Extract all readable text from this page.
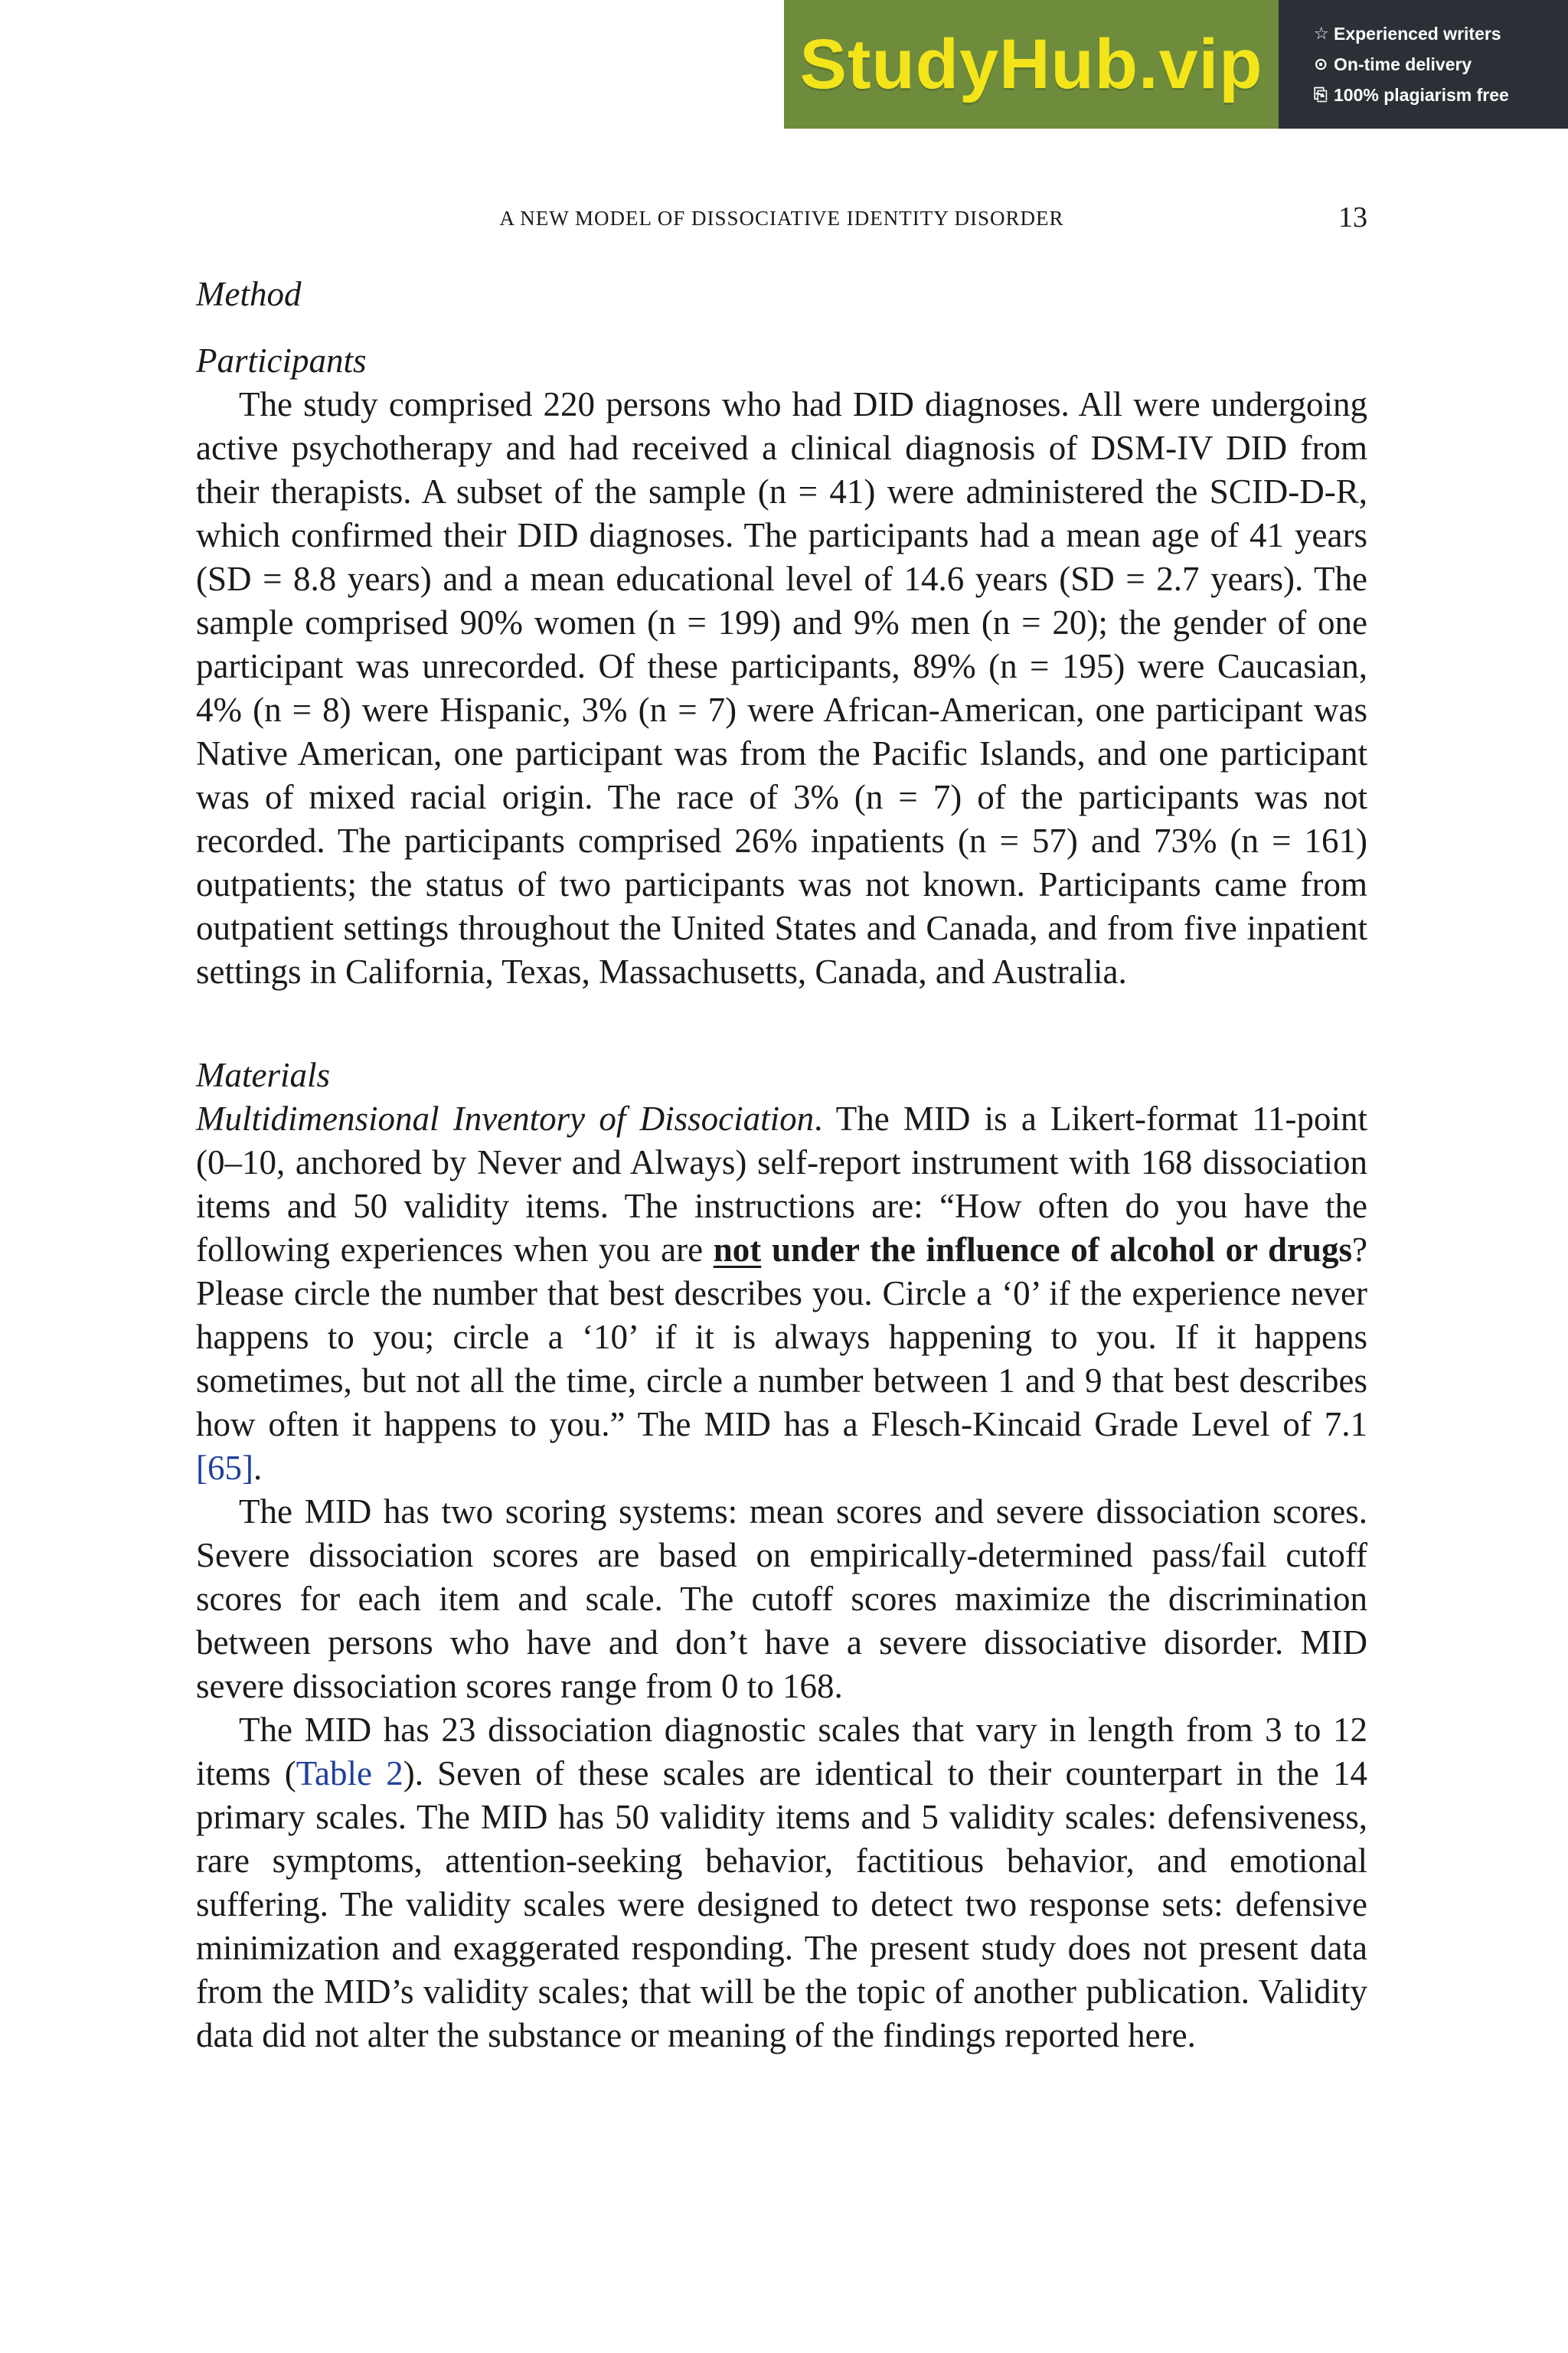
StudyHub.vip	☆ Experienced writers
⊙ On-time delivery
⎘ 100% plagiarism free
A NEW MODEL OF DISSOCIATIVE IDENTITY DISORDER	13

Method

Participants

The study comprised 220 persons who had DID diagnoses. All were undergoing active psychotherapy and had received a clinical diagnosis of DSM-IV DID from their therapists. A subset of the sample (n = 41) were administered the SCID-D-R, which confirmed their DID diagnoses. The participants had a mean age of 41 years (SD = 8.8 years) and a mean educational level of 14.6 years (SD = 2.7 years). The sample comprised 90% women (n = 199) and 9% men (n = 20); the gender of one participant was unrecorded. Of these participants, 89% (n = 195) were Caucasian, 4% (n = 8) were Hispanic, 3% (n = 7) were African-American, one participant was Native American, one participant was from the Pacific Islands, and one participant was of mixed racial origin. The race of 3% (n = 7) of the participants was not recorded. The participants comprised 26% inpatients (n = 57) and 73% (n = 161) outpatients; the status of two participants was not known. Participants came from outpatient settings throughout the United States and Canada, and from five inpatient settings in California, Texas, Massachusetts, Canada, and Australia.

Materials

Multidimensional Inventory of Dissociation. The MID is a Likert-format 11-point (0–10, anchored by Never and Always) self-report instrument with 168 dissociation items and 50 validity items. The instructions are: “How often do you have the following experiences when you are not under the influence of alcohol or drugs? Please circle the number that best describes you. Circle a ‘0’ if the experience never happens to you; circle a ‘10’ if it is always happening to you. If it happens sometimes, but not all the time, circle a number between 1 and 9 that best describes how often it happens to you.” The MID has a Flesch-Kincaid Grade Level of 7.1 [65].

The MID has two scoring systems: mean scores and severe dissociation scores. Severe dissociation scores are based on empirically-determined pass/fail cutoff scores for each item and scale. The cutoff scores maximize the discrimination between persons who have and don’t have a severe dissociative disorder. MID severe dissociation scores range from 0 to 168.

The MID has 23 dissociation diagnostic scales that vary in length from 3 to 12 items (Table 2). Seven of these scales are identical to their counterpart in the 14 primary scales. The MID has 50 validity items and 5 validity scales: defensiveness, rare symptoms, attention-seeking behavior, factitious behavior, and emotional suffering. The validity scales were designed to detect two response sets: defensive minimization and exaggerated responding. The present study does not present data from the MID’s validity scales; that will be the topic of another publication. Validity data did not alter the substance or meaning of the findings reported here.
